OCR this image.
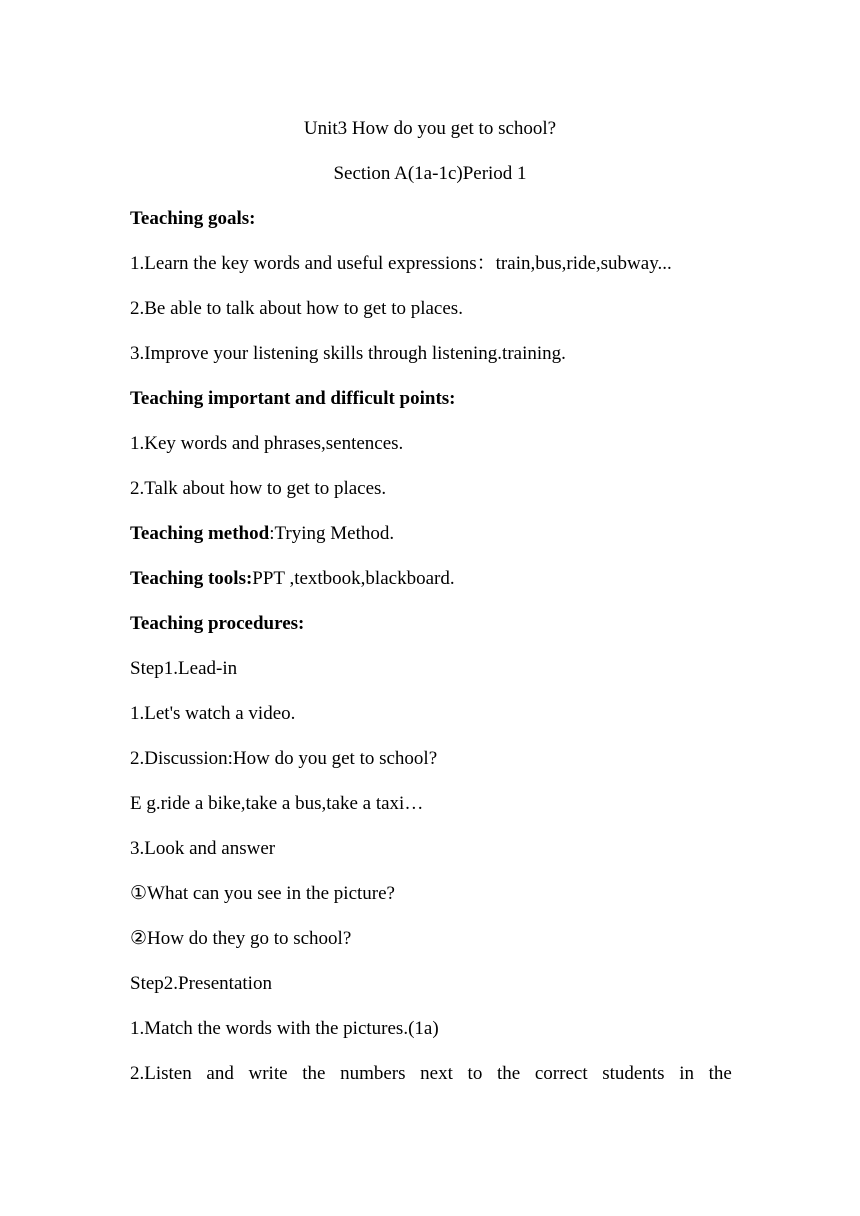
Unit3 How do you get to school?
Section A(1a-1c)Period 1
Teaching goals:
1.Learn the key words and useful expressions：train,bus,ride,subway...
2.Be able to talk about how to get to places.
3.Improve your listening skills through listening.training.
Teaching important and difficult points:
1.Key words and phrases,sentences.
2.Talk about how to get to places.
Teaching method:Trying Method.
Teaching tools:PPT ,textbook,blackboard.
Teaching procedures:
Step1.Lead-in
1.Let's watch a video.
2.Discussion:How do you get to school?
E g.ride a bike,take a bus,take a taxi…
3.Look and answer
①What can you see in the picture?
②How do they go to school?
Step2.Presentation
1.Match the words with the pictures.(1a)
2.Listen and write the numbers next to the correct students in the
